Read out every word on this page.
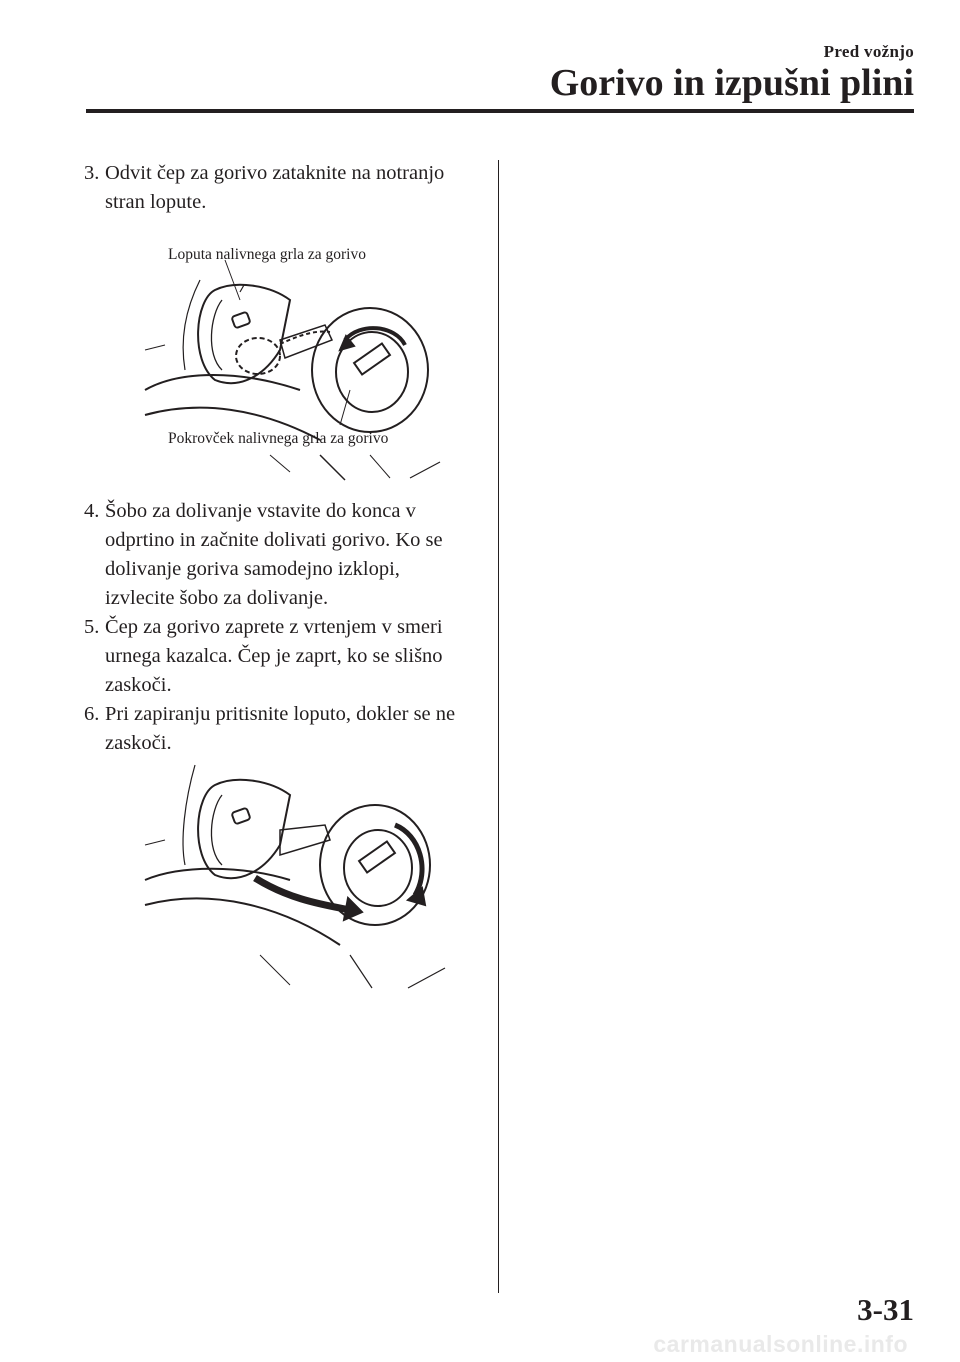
Pred vožnjo
Gorivo in izpušni plini
3. Odvit čep za gorivo zataknite na notranjo stran lopute.
Loputa nalivnega grla za gorivo
Pokrovček nalivnega grla za gorivo
4. Šobo za dolivanje vstavite do konca v odprtino in začnite dolivati gorivo. Ko se dolivanje goriva samodejno izklopi, izvlecite šobo za dolivanje.
5. Čep za gorivo zaprete z vrtenjem v smeri urnega kazalca. Čep je zaprt, ko se slišno zaskoči.
6. Pri zapiranju pritisnite loputo, dokler se ne zaskoči.
3-31
carmanualsonline.info
